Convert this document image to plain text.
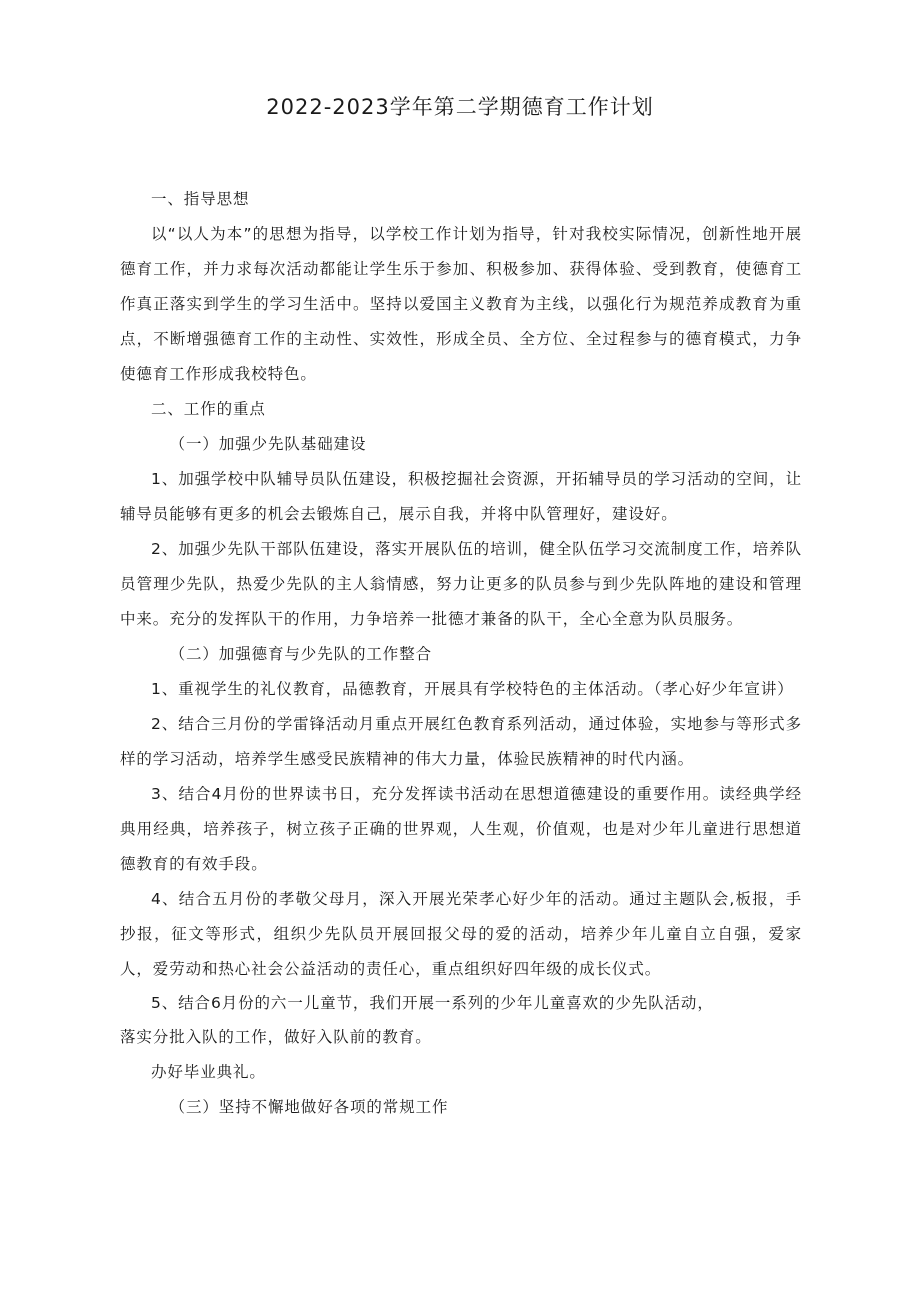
2022-2023学年第二学期德育工作计划

一、指导思想

以“以人为本”的思想为指导，以学校工作计划为指导，针对我校实际情况，创新性地开展德育工作，并力求每次活动都能让学生乐于参加、积极参加、获得体验、受到教育，使德育工作真正落实到学生的学习生活中。坚持以爱国主义教育为主线，以强化行为规范养成教育为重点，不断增强德育工作的主动性、实效性，形成全员、全方位、全过程参与的德育模式，力争使德育工作形成我校特色。

二、工作的重点

（一）加强少先队基础建设

1、加强学校中队辅导员队伍建设，积极挖掘社会资源，开拓辅导员的学习活动的空间，让辅导员能够有更多的机会去锻炼自己，展示自我，并将中队管理好，建设好。

2、加强少先队干部队伍建设，落实开展队伍的培训，健全队伍学习交流制度工作，培养队员管理少先队，热爱少先队的主人翁情感，努力让更多的队员参与到少先队阵地的建设和管理中来。充分的发挥队干的作用，力争培养一批德才兼备的队干，全心全意为队员服务。

（二）加强德育与少先队的工作整合

1、重视学生的礼仪教育，品德教育，开展具有学校特色的主体活动。（孝心好少年宣讲）

2、结合三月份的学雷锋活动月重点开展红色教育系列活动，通过体验，实地参与等形式多样的学习活动，培养学生感受民族精神的伟大力量，体验民族精神的时代内涵。

3、结合4月份的世界读书日，充分发挥读书活动在思想道德建设的重要作用。读经典学经典用经典，培养孩子，树立孩子正确的世界观，人生观，价值观，也是对少年儿童进行思想道德教育的有效手段。

4、结合五月份的孝敬父母月，深入开展光荣孝心好少年的活动。通过主题队会,板报，手抄报，征文等形式，组织少先队员开展回报父母的爱的活动，培养少年儿童自立自强，爱家人，爱劳动和热心社会公益活动的责任心，重点组织好四年级的成长仪式。

5、结合6月份的六一儿童节，我们开展一系列的少年儿童喜欢的少先队活动，

落实分批入队的工作，做好入队前的教育。

办好毕业典礼。

（三）坚持不懈地做好各项的常规工作
